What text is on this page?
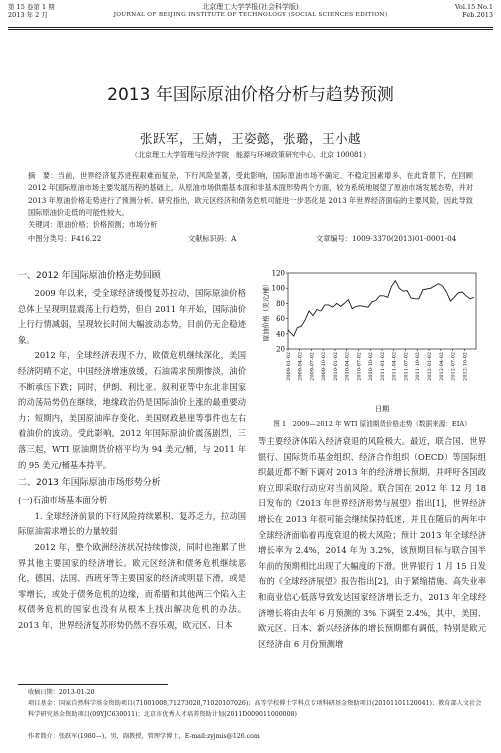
第 15 卷第 1 期
2013 年 2 月
北京理工大学学报(社会科学版)
JOURNAL OF BEIJING INSTITUTE OF TECHNOLOGY (SOCIAL SCIENCES EDITION)
Vol.15 No.1
Feb.2013
2013 年国际原油价格分析与趋势预测
张跃军，王婧，王姿懿，张璐，王小越
（北京理工大学管理与经济学院　能源与环境政策研究中心，北京 100081）
摘　要：当前，世界经济复苏进程艰难而复杂，下行风险显著，受此影响，国际原油市场不确定、不稳定因素增多，在此背景下，在回顾 2012 年国际原油市场主要发展历程的基础上，从原油市场供需基本面和非基本面形势两个方面，较为系统地展望了原油市场发展态势，并对 2013 年原油价格走势进行了预测分析。研究指出，欧元区经济和债务危机可能进一步恶化是 2013 年世界经济面临的主要风险，因此导致国际原油价走低的可能性较大。
关键词：原油价格；价格预测；市场分析
中图分类号：F416.22	文献标识码：A	文章编号：1009-3370(2013)01-0001-04

一、2012 年国际原油价格走势回顾

2009 年以来，受全球经济缓慢复苏拉动，国际原油价格总体上呈现明显震荡上行趋势，但自 2011 年开始，国际油价上行行情减弱，呈现较长时间大幅波动态势，目前仍无企稳迹象。

2012 年，全球经济表现不力，欧债危机继续深化，美国经济阴晴不定，中国经济增速放缓，石油需求预期惨淡，油价不断承压下跌；同时，伊朗、利比亚、叙利亚等中东北非国家的动荡局势仍在继续，地缘政治仍是国际油价上涨的最重要动力；短期内，美国原油库存变化、美国财政悬崖等事件也左右着油价的波动。受此影响，2012 年国际原油价震荡剧烈，三落三起，WTI 原油期货价格平均为 94 美元/桶，与 2011 年的 95 美元/桶基本持平。

二、2013 年国际原油市场形势分析

(一)石油市场基本面分析

1. 全球经济前景的下行风险持续累积、复苏乏力，拉动国际原油需求增长的力量较弱

2012 年，整个欧洲经济状况持续惨淡，同时也拖累了世界其他主要国家的经济增长。欧元区经济和债务危机继续恶化，德国、法国、西班牙等主要国家的经济或明显下滑，或是零增长，或处于债务危机的边缘，而希腊和其他两三个陷入主权债务危机的国家也没有从根本上找出解决危机的办法。2013 年，世界经济复苏形势仍然不容乐观，欧元区、日本

20
40
60
80
100
120
2009-01-02 2009-04-02 2009-07-02 2009-10-02 2010-01-02 2010-04-02 2010-07-02 2010-10-02 2011-01-02 2011-04-02 2011-07-02 2011-10-02 2012-01-02 2012-04-02 2012-07-02 2012-10-02
日期
原油价格（美元/桶）
图 1　2009—2012 年 WTI 原油期货价格走势（数据来源：EIA）

等主要经济体陷入经济衰退的风险极大。最近，联合国、世界银行、国际货币基金组织、经济合作组织（OECD）等国际组织最近都不断下调对 2013 年的经济增长预期，并呼吁各国政府立即采取行动应对当前风险。联合国在 2012 年 12 月 18 日发布的《2013 年世界经济形势与展望》指出[1]，世界经济增长在 2013 年很可能会继续保持低迷，并且在随后的两年中全球经济面临着再度衰退的极大风险；预计 2013 年全球经济增长率为 2.4%，2014 年为 3.2%，该预期目标与联合国半年前的预期相比出现了大幅度的下滑。世界银行 1 月 15 日发布的《全球经济展望》报告指出[2]，由于紧缩措施、高失业率和商业信心低落导致发达国家经济增长乏力，2013 年全球经济增长将由去年 6 月预测的 3% 下调至 2.4%，其中，美国、欧元区、日本、新兴经济体的增长预期都有调低，特别是欧元区经济由 6 月份预测增

收稿日期：2013-01-20
项目基金：国家自然科学基金资助项目(71001008,71273028,71020107026)；高等学校博士学科点专项科研基金资助项目(20101101120041)；教育部人文社会科学研究基金资助项目(09YJC630011)；北京市优秀人才培养资助计划(2011D009011000008)
作者简介：张跃军(1980—)，男，副教授，管理学博士，E-mail:zyjmis@126.com
